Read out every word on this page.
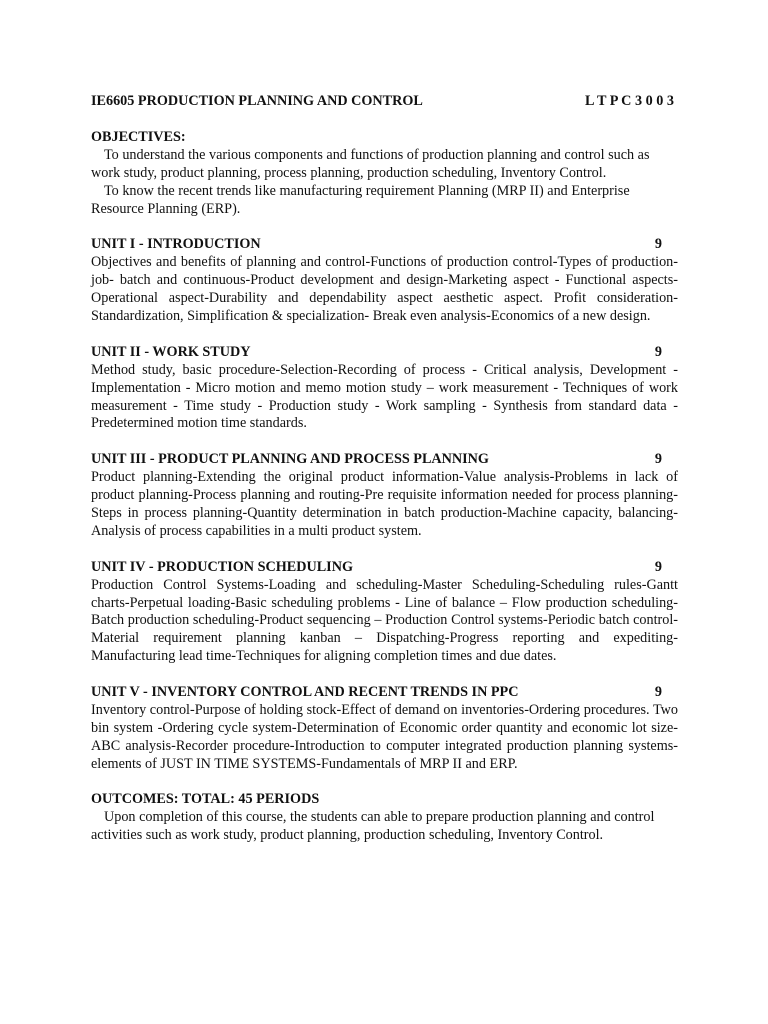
IE6605 PRODUCTION PLANNING AND CONTROL	L T P C 3 0 0 3
OBJECTIVES:
To understand the various components and functions of production planning and control such as work study, product planning, process planning, production scheduling, Inventory Control.
To know the recent trends like manufacturing requirement Planning (MRP II) and Enterprise Resource Planning (ERP).
UNIT I - INTRODUCTION	9
Objectives and benefits of planning and control-Functions of production control-Types of production- job- batch and continuous-Product development and design-Marketing aspect - Functional aspects- Operational aspect-Durability and dependability aspect aesthetic aspect. Profit consideration- Standardization, Simplification & specialization- Break even analysis-Economics of a new design.
UNIT II - WORK STUDY	9
Method study, basic procedure-Selection-Recording of process - Critical analysis, Development - Implementation - Micro motion and memo motion study – work measurement - Techniques of work measurement - Time study - Production study - Work sampling - Synthesis from standard data - Predetermined motion time standards.
UNIT III - PRODUCT PLANNING AND PROCESS PLANNING	9
Product planning-Extending the original product information-Value analysis-Problems in lack of product planning-Process planning and routing-Pre requisite information needed for process planning- Steps in process planning-Quantity determination in batch production-Machine capacity, balancing- Analysis of process capabilities in a multi product system.
UNIT IV - PRODUCTION SCHEDULING	9
Production Control Systems-Loading and scheduling-Master Scheduling-Scheduling rules-Gantt charts-Perpetual loading-Basic scheduling problems - Line of balance – Flow production scheduling- Batch production scheduling-Product sequencing – Production Control systems-Periodic batch control-Material requirement planning kanban – Dispatching-Progress reporting and expediting- Manufacturing lead time-Techniques for aligning completion times and due dates.
UNIT V - INVENTORY CONTROL AND RECENT TRENDS IN PPC	9
Inventory control-Purpose of holding stock-Effect of demand on inventories-Ordering procedures. Two bin system -Ordering cycle system-Determination of Economic order quantity and economic lot size- ABC analysis-Recorder procedure-Introduction to computer integrated production planning systems- elements of JUST IN TIME SYSTEMS-Fundamentals of MRP II and ERP.
OUTCOMES: TOTAL: 45 PERIODS
Upon completion of this course, the students can able to prepare production planning and control activities such as work study, product planning, production scheduling, Inventory Control.
